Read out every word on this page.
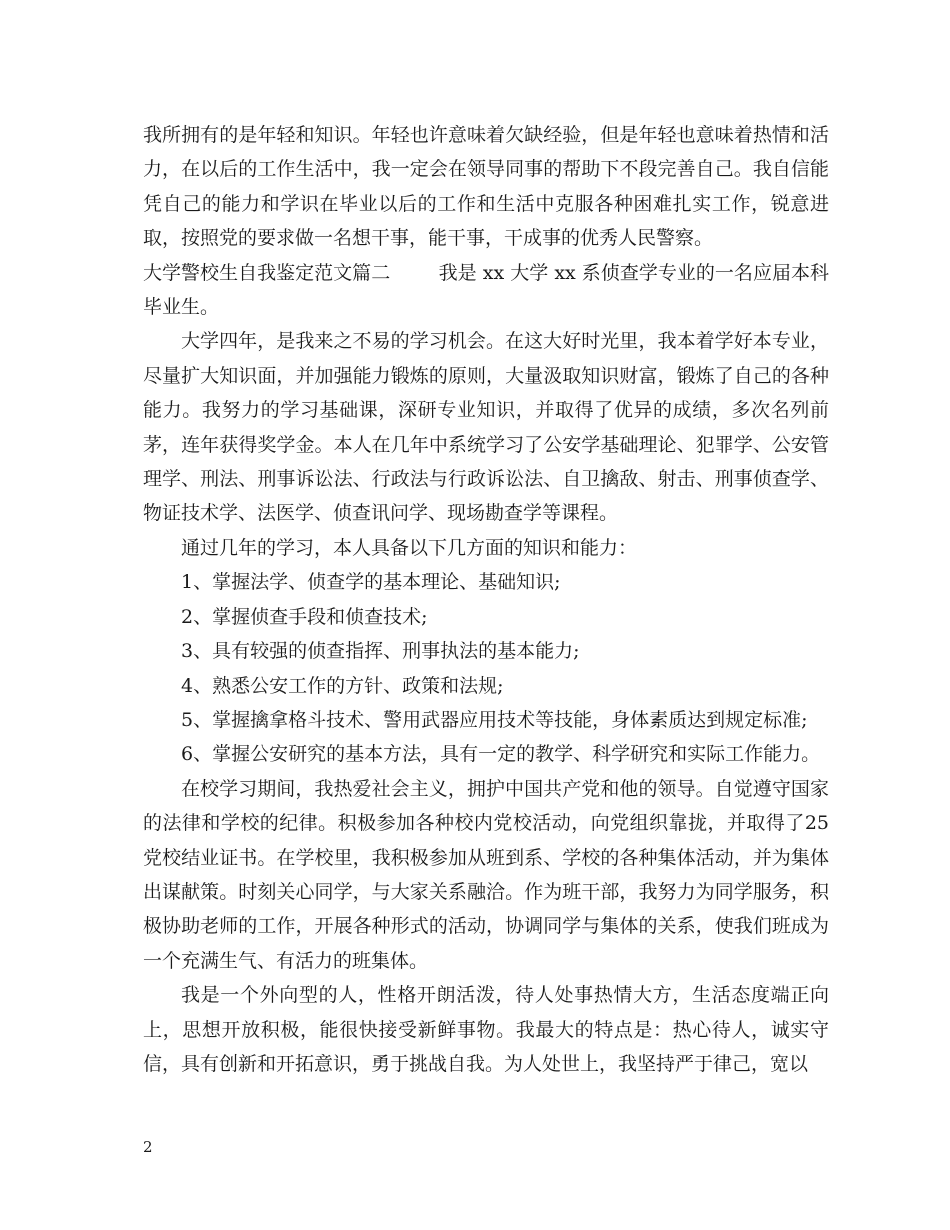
我所拥有的是年轻和知识。年轻也许意味着欠缺经验，但是年轻也意味着热情和活力，在以后的工作生活中，我一定会在领导同事的帮助下不段完善自己。我自信能凭自己的能力和学识在毕业以后的工作和生活中克服各种困难扎实工作，锐意进取，按照党的要求做一名想干事，能干事，干成事的优秀人民警察。

大学警校生自我鉴定范文篇二        我是 xx 大学 xx 系侦查学专业的一名应届本科毕业生。

大学四年，是我来之不易的学习机会。在这大好时光里，我本着学好本专业，尽量扩大知识面，并加强能力锻炼的原则，大量汲取知识财富，锻炼了自己的各种能力。我努力的学习基础课，深研专业知识，并取得了优异的成绩，多次名列前茅，连年获得奖学金。本人在几年中系统学习了公安学基础理论、犯罪学、公安管理学、刑法、刑事诉讼法、行政法与行政诉讼法、自卫擒敌、射击、刑事侦查学、物证技术学、法医学、侦查讯问学、现场勘查学等课程。

通过几年的学习，本人具备以下几方面的知识和能力：

1、掌握法学、侦查学的基本理论、基础知识;

2、掌握侦查手段和侦查技术;

3、具有较强的侦查指挥、刑事执法的基本能力;

4、熟悉公安工作的方针、政策和法规;

5、掌握擒拿格斗技术、警用武器应用技术等技能，身体素质达到规定标准;

6、掌握公安研究的基本方法，具有一定的教学、科学研究和实际工作能力。

在校学习期间，我热爱社会主义，拥护中国共产党和他的领导。自觉遵守国家的法律和学校的纪律。积极参加各种校内党校活动，向党组织靠拢，并取得了25党校结业证书。在学校里，我积极参加从班到系、学校的各种集体活动，并为集体出谋献策。时刻关心同学，与大家关系融洽。作为班干部，我努力为同学服务，积极协助老师的工作，开展各种形式的活动，协调同学与集体的关系，使我们班成为一个充满生气、有活力的班集体。

我是一个外向型的人，性格开朗活泼，待人处事热情大方，生活态度端正向上，思想开放积极，能很快接受新鲜事物。我最大的特点是：热心待人，诚实守信，具有创新和开拓意识，勇于挑战自我。为人处世上，我坚持严于律己，宽以

2
